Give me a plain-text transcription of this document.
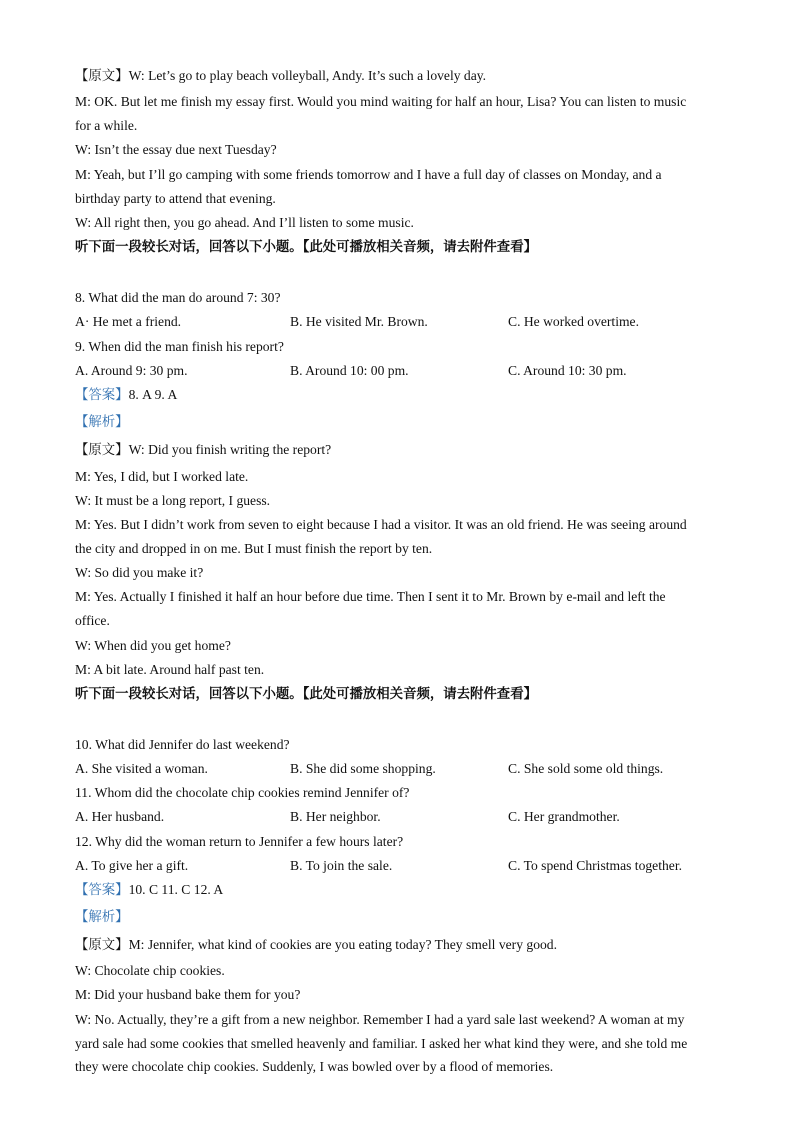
【原文】W: Let’s go to play beach volleyball, Andy. It’s such a lovely day.
M: OK. But let me finish my essay first. Would you mind waiting for half an hour, Lisa? You can listen to music
for a while.
W: Isn’t the essay due next Tuesday?
M: Yeah, but I’ll go camping with some friends tomorrow and I have a full day of classes on Monday, and a
birthday party to attend that evening.
W: All right then, you go ahead. And I’ll listen to some music.
听下面一段较长对话，回答以下小题。【此处可播放相关音频，请去附件查看】
8. What did the man do around 7: 30?
A· He met a friend.	B. He visited Mr. Brown.	C. He worked overtime.
9. When did the man finish his report?
A. Around 9: 30 pm.	B. Around 10: 00 pm.	C. Around 10: 30 pm.
【答案】8. A 9. A
【解析】
【原文】W: Did you finish writing the report?
M: Yes, I did, but I worked late.
W: It must be a long report, I guess.
M: Yes. But I didn’t work from seven to eight because I had a visitor. It was an old friend. He was seeing around
the city and dropped in on me. But I must finish the report by ten.
W: So did you make it?
M: Yes. Actually I finished it half an hour before due time. Then I sent it to Mr. Brown by e-mail and left the
office.
W: When did you get home?
M: A bit late. Around half past ten.
听下面一段较长对话，回答以下小题。【此处可播放相关音频，请去附件查看】
10. What did Jennifer do last weekend?
A. She visited a woman.	B. She did some shopping.	C. She sold some old things.
11. Whom did the chocolate chip cookies remind Jennifer of?
A. Her husband.	B. Her neighbor.	C. Her grandmother.
12. Why did the woman return to Jennifer a few hours later?
A. To give her a gift.	B. To join the sale.	C. To spend Christmas together.
【答案】10. C 11. C 12. A
【解析】
【原文】M: Jennifer, what kind of cookies are you eating today? They smell very good.
W: Chocolate chip cookies.
M: Did your husband bake them for you?
W: No. Actually, they’re a gift from a new neighbor. Remember I had a yard sale last weekend? A woman at my
yard sale had some cookies that smelled heavenly and familiar. I asked her what kind they were, and she told me
they were chocolate chip cookies. Suddenly, I was bowled over by a flood of memories.
